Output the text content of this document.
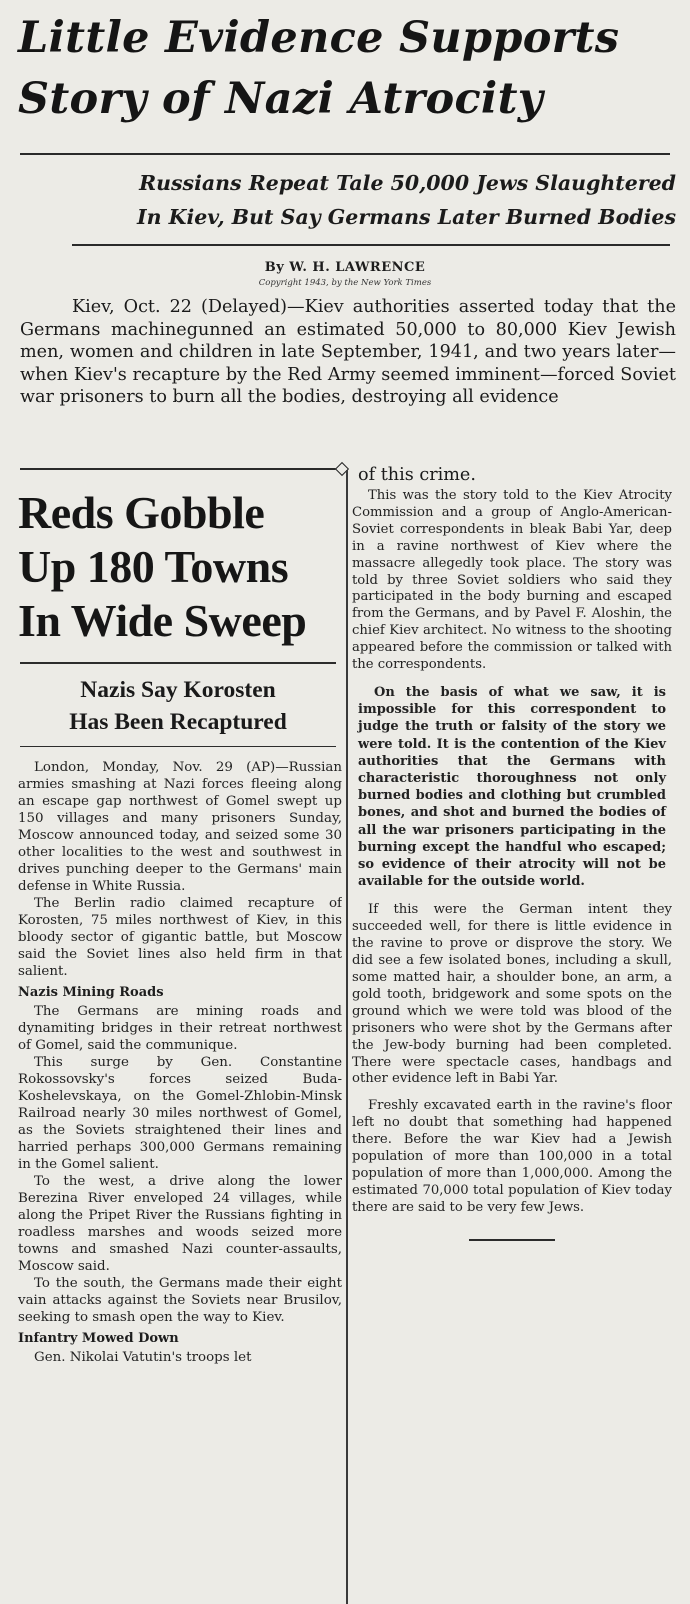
Little Evidence Supports
Story of Nazi Atrocity
Russians Repeat Tale 50,000 Jews Slaughtered
In Kiev, But Say Germans Later Burned Bodies

By W. H. LAWRENCE

Copyright 1943, by the New York Times

Kiev, Oct. 22 (Delayed)—Kiev authorities asserted today that the Germans machinegunned an estimated 50,000 to 80,000 Kiev Jewish men, women and children in late September, 1941, and two years later—when Kiev's recapture by the Red Army seemed imminent—forced Soviet war prisoners to burn all the bodies, destroying all evidence

of this crime.

Reds Gobble
Up 180 Towns
In Wide Sweep
Nazis Say Korosten
Has Been Recaptured

London, Monday, Nov. 29 (AP)—Russian armies smashing at Nazi forces fleeing along an escape gap northwest of Gomel swept up 150 villages and many prisoners Sunday, Moscow announced today, and seized some 30 other localities to the west and southwest in drives punching deeper to the Germans' main defense in White Russia.

The Berlin radio claimed recapture of Korosten, 75 miles northwest of Kiev, in this bloody sector of gigantic battle, but Moscow said the Soviet lines also held firm in that salient.

Nazis Mining Roads

The Germans are mining roads and dynamiting bridges in their retreat northwest of Gomel, said the communique.

This surge by Gen. Constantine Rokossovsky's forces seized Buda-Koshelevskaya, on the Gomel-Zhlobin-Minsk Railroad nearly 30 miles northwest of Gomel, as the Soviets straightened their lines and harried perhaps 300,000 Germans remaining in the Gomel salient.

To the west, a drive along the lower Berezina River enveloped 24 villages, while along the Pripet River the Russians fighting in roadless marshes and woods seized more towns and smashed Nazi counter-assaults, Moscow said.

To the south, the Germans made their eight vain attacks against the Soviets near Brusilov, seeking to smash open the way to Kiev.

Infantry Mowed Down

Gen. Nikolai Vatutin's troops let

This was the story told to the Kiev Atrocity Commission and a group of Anglo-American-Soviet correspondents in bleak Babi Yar, deep in a ravine northwest of Kiev where the massacre allegedly took place. The story was told by three Soviet soldiers who said they participated in the body burning and escaped from the Germans, and by Pavel F. Aloshin, the chief Kiev architect. No witness to the shooting appeared before the commission or talked with the correspondents.

On the basis of what we saw, it is impossible for this correspondent to judge the truth or falsity of the story we were told. It is the contention of the Kiev authorities that the Germans with characteristic thoroughness not only burned bodies and clothing but crumbled bones, and shot and burned the bodies of all the war prisoners participating in the burning except the handful who escaped; so evidence of their atrocity will not be available for the outside world.

If this were the German intent they succeeded well, for there is little evidence in the ravine to prove or disprove the story. We did see a few isolated bones, including a skull, some matted hair, a shoulder bone, an arm, a gold tooth, bridgework and some spots on the ground which we were told was blood of the prisoners who were shot by the Germans after the Jew-body burning had been completed. There were spectacle cases, handbags and other evidence left in Babi Yar.

Freshly excavated earth in the ravine's floor left no doubt that something had happened there. Before the war Kiev had a Jewish population of more than 100,000 in a total population of more than 1,000,000. Among the estimated 70,000 total population of Kiev today there are said to be very few Jews.
